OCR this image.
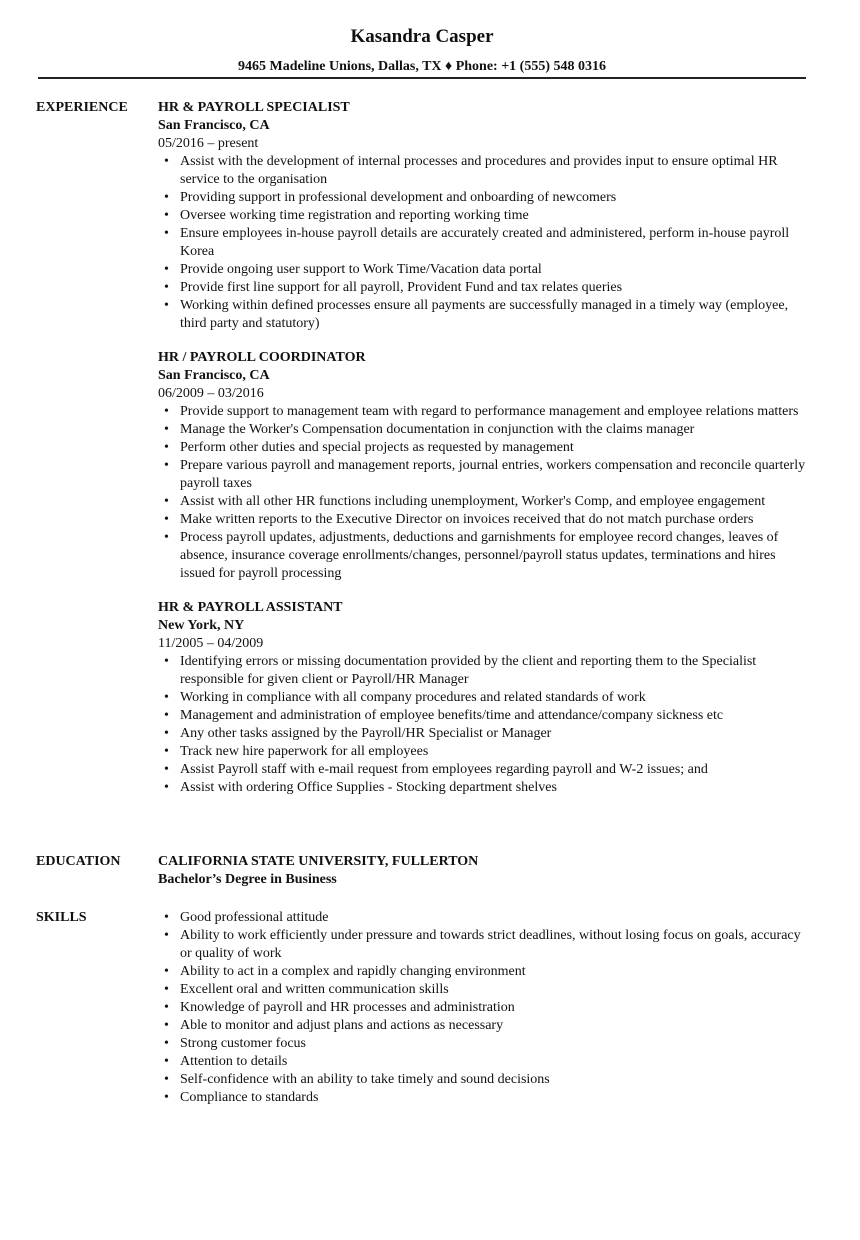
Kasandra Casper
9465 Madeline Unions, Dallas, TX ♦ Phone: +1 (555) 548 0316
EXPERIENCE HR & PAYROLL SPECIALIST
San Francisco, CA
05/2016 – present
• Assist with the development of internal processes and procedures and provides input to ensure optimal HR service to the organisation
• Providing support in professional development and onboarding of newcomers
• Oversee working time registration and reporting working time
• Ensure employees in-house payroll details are accurately created and administered, perform in-house payroll Korea
• Provide ongoing user support to Work Time/Vacation data portal
• Provide first line support for all payroll, Provident Fund and tax relates queries
• Working within defined processes ensure all payments are successfully managed in a timely way (employee, third party and statutory)
HR / PAYROLL COORDINATOR
San Francisco, CA
06/2009 – 03/2016
• Provide support to management team with regard to performance management and employee relations matters
• Manage the Worker's Compensation documentation in conjunction with the claims manager
• Perform other duties and special projects as requested by management
• Prepare various payroll and management reports, journal entries, workers compensation and reconcile quarterly payroll taxes
• Assist with all other HR functions including unemployment, Worker's Comp, and employee engagement
• Make written reports to the Executive Director on invoices received that do not match purchase orders
• Process payroll updates, adjustments, deductions and garnishments for employee record changes, leaves of absence, insurance coverage enrollments/changes, personnel/payroll status updates, terminations and hires issued for payroll processing
HR & PAYROLL ASSISTANT
New York, NY
11/2005 – 04/2009
• Identifying errors or missing documentation provided by the client and reporting them to the Specialist responsible for given client or Payroll/HR Manager
• Working in compliance with all company procedures and related standards of work
• Management and administration of employee benefits/time and attendance/company sickness etc
• Any other tasks assigned by the Payroll/HR Specialist or Manager
• Track new hire paperwork for all employees
• Assist Payroll staff with e-mail request from employees regarding payroll and W-2 issues; and
• Assist with ordering Office Supplies - Stocking department shelves
EDUCATION	CALIFORNIA STATE UNIVERSITY, FULLERTON
Bachelor’s Degree in Business
SKILLS
•	Good professional attitude
• Ability to work efficiently under pressure and towards strict deadlines, without losing focus on goals, accuracy or quality of work
• Ability to act in a complex and rapidly changing environment
• Excellent oral and written communication skills
• Knowledge of payroll and HR processes and administration
• Able to monitor and adjust plans and actions as necessary
• Strong customer focus
• Attention to details
• Self-confidence with an ability to take timely and sound decisions
• Compliance to standards
